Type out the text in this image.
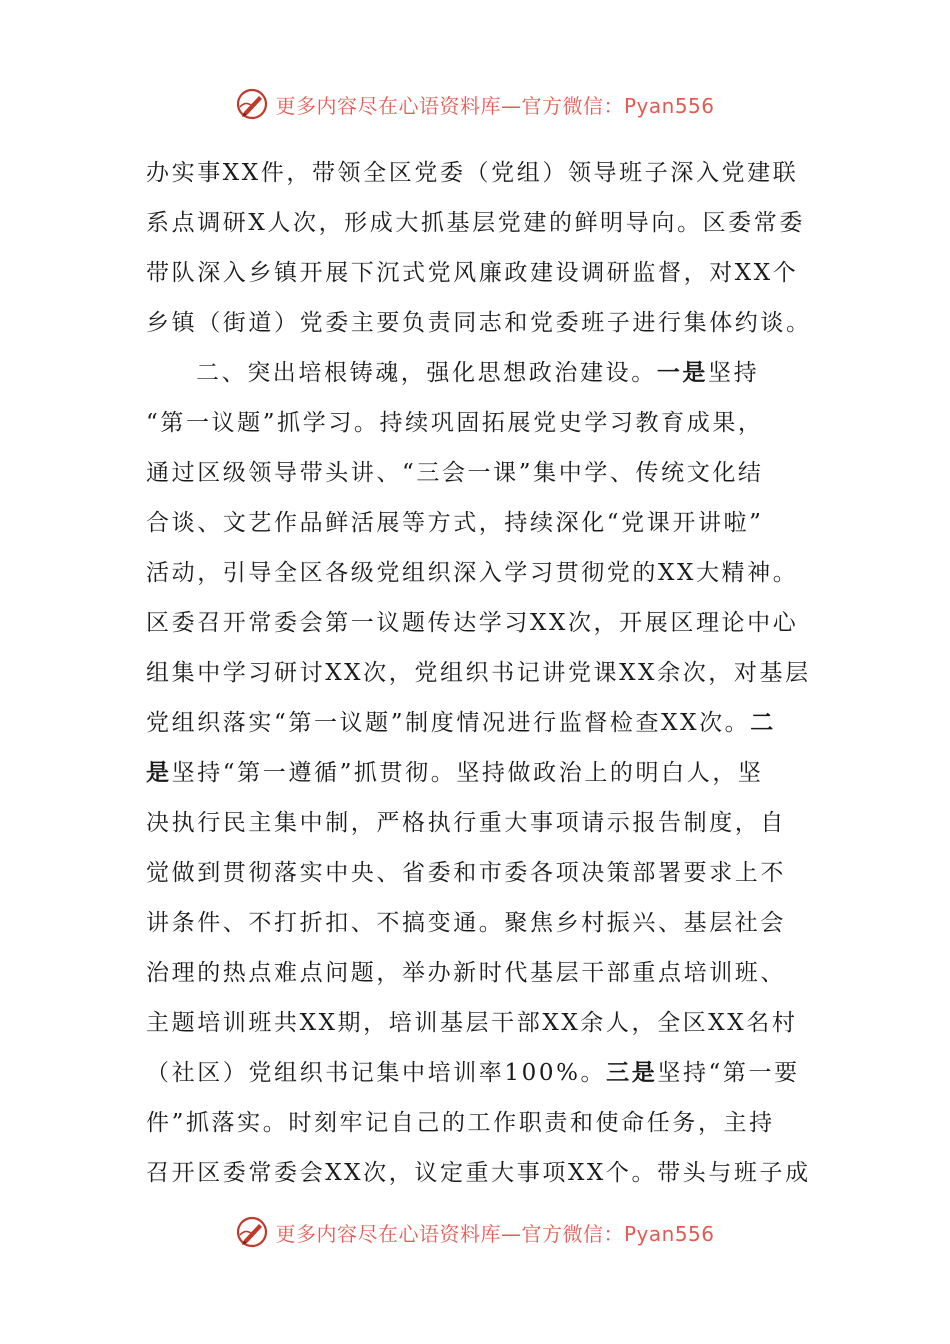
更多内容尽在心语资料库—官方微信：Pyan556
办实事XX件，带领全区党委（党组）领导班子深入党建联
系点调研X人次，形成大抓基层党建的鲜明导向。区委常委
带队深入乡镇开展下沉式党风廉政建设调研监督，对XX个
乡镇（街道）党委主要负责同志和党委班子进行集体约谈。
二、突出培根铸魂，强化思想政治建设。一是坚持
“第一议题”抓学习。持续巩固拓展党史学习教育成果，
通过区级领导带头讲、“三会一课”集中学、传统文化结
合谈、文艺作品鲜活展等方式，持续深化“党课开讲啦”
活动，引导全区各级党组织深入学习贯彻党的XX大精神。
区委召开常委会第一议题传达学习XX次，开展区理论中心
组集中学习研讨XX次，党组织书记讲党课XX余次，对基层
党组织落实“第一议题”制度情况进行监督检查XX次。二
是坚持“第一遵循”抓贯彻。坚持做政治上的明白人，坚
决执行民主集中制，严格执行重大事项请示报告制度，自
觉做到贯彻落实中央、省委和市委各项决策部署要求上不
讲条件、不打折扣、不搞变通。聚焦乡村振兴、基层社会
治理的热点难点问题，举办新时代基层干部重点培训班、
主题培训班共XX期，培训基层干部XX余人，全区XX名村
（社区）党组织书记集中培训率100%。三是坚持“第一要
件”抓落实。时刻牢记自己的工作职责和使命任务，主持
召开区委常委会XX次，议定重大事项XX个。带头与班子成
更多内容尽在心语资料库—官方微信：Pyan556
